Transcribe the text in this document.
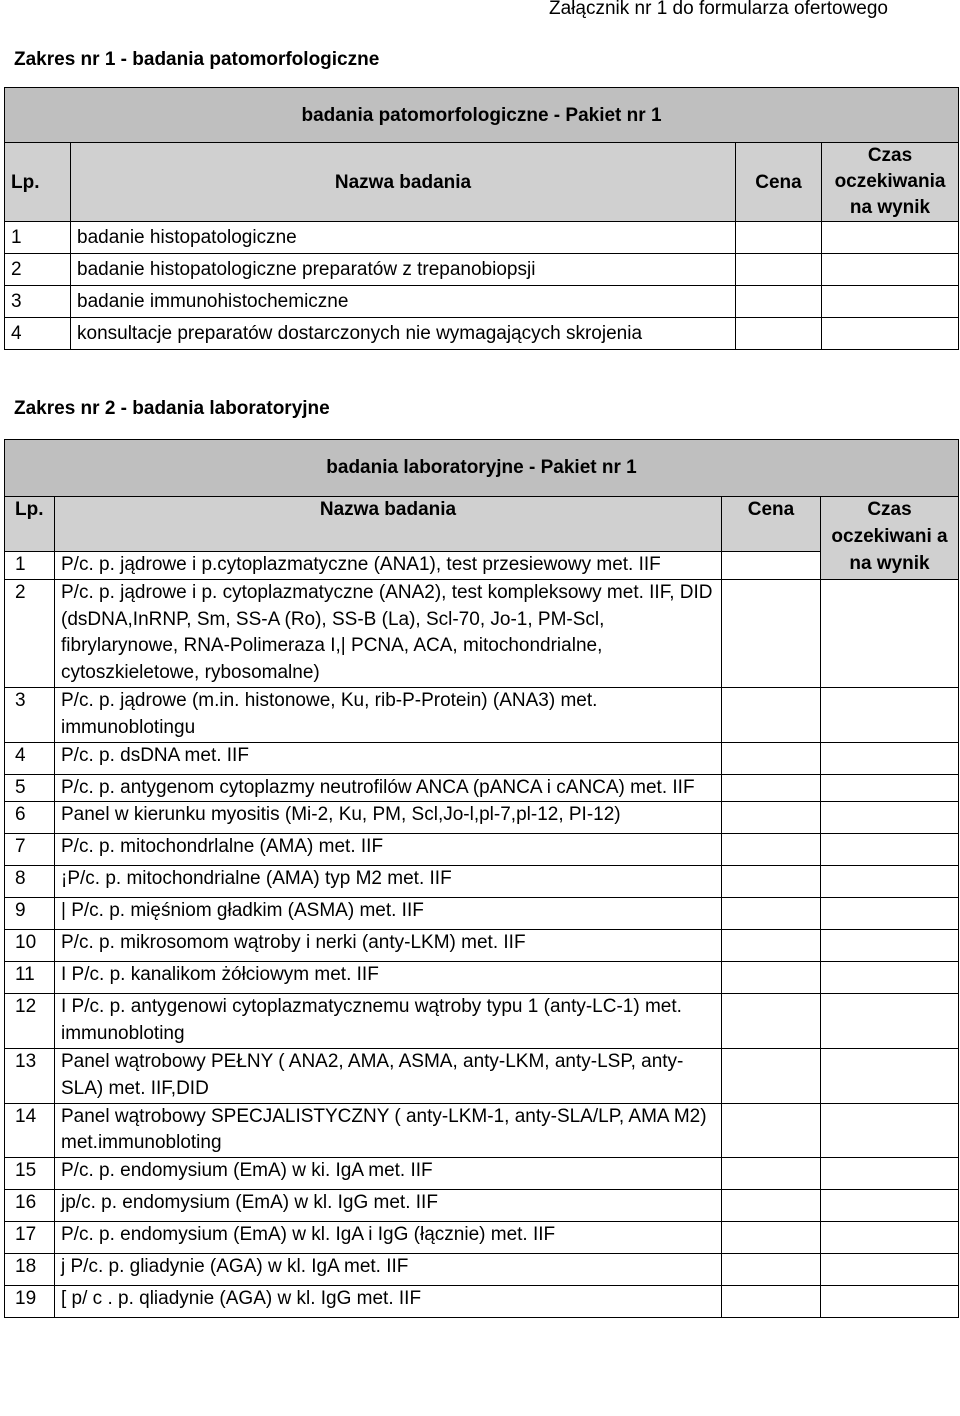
Załącznik nr 1 do formularza ofertowego
Zakres nr 1 - badania patomorfologiczne
badania patomorfologiczne - Pakiet nr 1			
Lp.	Nazwa badania	Cena	Czas oczekiwania na wynik
1	badanie histopatologiczne		
2	badanie histopatologiczne preparatów z trepanobiopsji		
3	badanie immunohistochemiczne		
4	konsultacje preparatów dostarczonych nie wymagających skrojenia		
Zakres nr 2 - badania laboratoryjne
badania laboratoryjne - Pakiet nr 1			
Lp.	Nazwa badania	Cena	Czas oczekiwani a na wynik
1	P/c. p. jądrowe i p.cytoplazmatyczne (ANA1), test przesiewowy met. IIF		
2	P/c. p. jądrowe i p. cytoplazmatyczne (ANA2), test kompleksowy met. IIF, DID (dsDNA,InRNP, Sm, SS-A (Ro), SS-B (La), Scl-70, Jo-1, PM-Scl, fibrylarynowe, RNA-Polimeraza I,| PCNA, ACA, mitochondrialne, cytoszkieletowe, rybosomalne)		
3	P/c. p. jądrowe (m.in. histonowe, Ku, rib-P-Protein) (ANA3) met. immunoblotingu		
4	P/c. p. dsDNA met. IIF		
5	P/c. p. antygenom cytoplazmy neutrofilów ANCA (pANCA i cANCA) met. IIF		
6	Panel w kierunku myositis (Mi-2, Ku, PM, Scl,Jo-l,pl-7,pl-12, PI-12)		
7	P/c. p. mitochondrlalne (AMA) met. IIF		
8	¡P/c. p. mitochondrialne (AMA) typ M2 met. IIF		
9	| P/c. p. mięśniom gładkim (ASMA) met. IIF		
10	P/c. p. mikrosomom wątroby i nerki (anty-LKM) met. IIF		
11	I P/c. p. kanalikom żółciowym met. IIF		
12	I P/c. p. antygenowi cytoplazmatycznemu wątroby typu 1 (anty-LC-1) met. immunobloting		
13	Panel wątrobowy PEŁNY ( ANA2, AMA, ASMA, anty-LKM, anty-LSP, anty-SLA) met. IIF,DID		
14	Panel wątrobowy SPECJALISTYCZNY ( anty-LKM-1, anty-SLA/LP, AMA M2) met.immunobloting		
15	P/c. p. endomysium (EmA) w ki. IgA met. IIF		
16	jp/c. p. endomysium (EmA) w kl. IgG met. IIF		
17	P/c. p. endomysium (EmA) w kl. IgA i IgG (łącznie) met. IIF		
18	j P/c. p. gliadynie (AGA) w kl. IgA met. IIF		
19	[ p/ c . p. qliadynie (AGA) w kl. IgG met. IIF		
